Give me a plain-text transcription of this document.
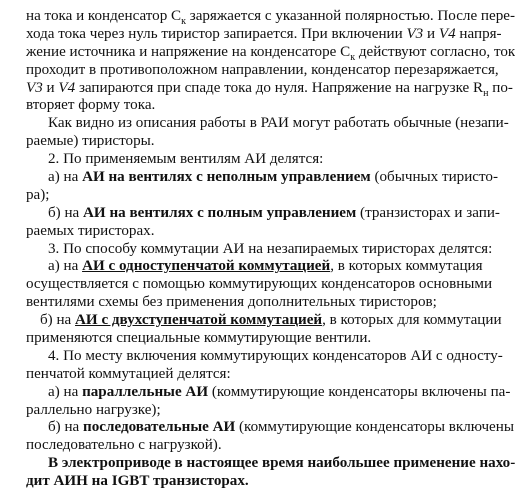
на тока и конденсатор $C_к$ заряжается с указанной полярностью. После пере-
хода тока через нуль тиристор запирается. При включении V3 и V4 напря-
жение источника и напряжение на конденсаторе $C_к$ действуют согласно, ток
проходит в противоположном направлении, конденсатор перезаряжается,
V3 и V4 запираются при спаде тока до нуля. Напряжение на нагрузке $R_н$ по-
вторяет форму тока.
Как видно из описания работы в РАИ могут работать обычные (незапи-
раемые) тиристоры.
2. По применяемым вентилям АИ делятся:
а) на АИ на вентилях с неполным управлением (обычных тиристо-
ра);
б) на АИ на вентилях с полным управлением (транзисторах и запи-
раемых тиристорах.
3. По способу коммутации АИ на незапираемых тиристорах делятся:
а) на АИ с одноступенчатой коммутацией, в которых коммутация
осуществляется с помощью коммутирующих конденсаторов основными
вентилями схемы без применения дополнительных тиристоров;
б) на АИ с двухступенчатой коммутацией, в которых для коммутации
применяются специальные коммутирующие вентили.
4. По месту включения коммутирующих конденсаторов АИ с односту-
пенчатой коммутацией делятся:
а) на параллельные АИ (коммутирующие конденсаторы включены па-
раллельно нагрузке);
б) на последовательные АИ (коммутирующие конденсаторы включены
последовательно с нагрузкой).
В электроприводе в настоящее время наибольшее применение нахо-
дит АИН на IGBT транзисторах.
